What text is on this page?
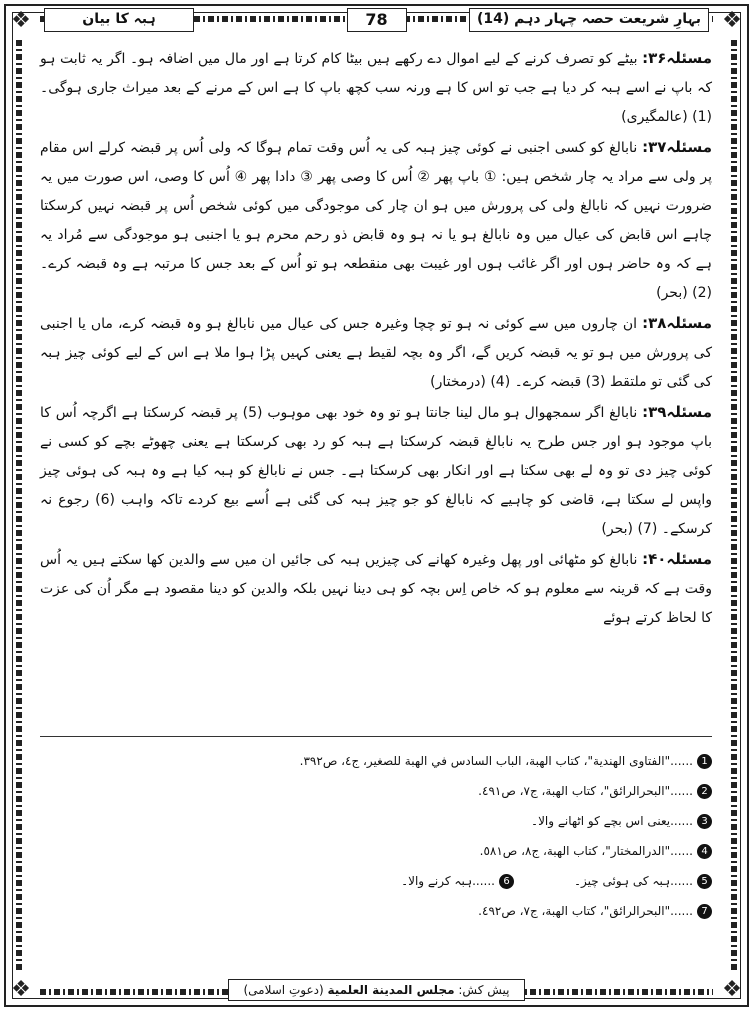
❖	❖
❖	❖
بہارِ شریعت حصہ چہار دہم (14)
78
ہبہ کا بیان

مسئلہ۳۶: بیٹے کو تصرف کرنے کے لیے اموال دے رکھے ہیں بیٹا کام کرتا ہے اور مال میں اضافہ ہو۔ اگر یہ ثابت ہو کہ باپ نے اسے ہبہ کر دیا ہے جب تو اس کا ہے ورنہ سب کچھ باپ کا ہے اس کے مرنے کے بعد میراث جاری ہوگی۔ (1) (عالمگیری)

مسئلہ۳۷: نابالغ کو کسی اجنبی نے کوئی چیز ہبہ کی یہ اُس وقت تمام ہوگا کہ ولی اُس پر قبضہ کرلے اس مقام پر ولی سے مراد یہ چار شخص ہیں: ① باپ پھر ② اُس کا وصی پھر ③ دادا پھر ④ اُس کا وصی، اس صورت میں یہ ضرورت نہیں کہ نابالغ ولی کی پرورش میں ہو ان چار کی موجودگی میں کوئی شخص اُس پر قبضہ نہیں کرسکتا چاہے اس قابض کی عیال میں وہ نابالغ ہو یا نہ ہو وہ قابض ذو رحم محرم ہو یا اجنبی ہو موجودگی سے مُراد یہ ہے کہ وہ حاضر ہوں اور اگر غائب ہوں اور غیبت بھی منقطعہ ہو تو اُس کے بعد جس کا مرتبہ ہے وہ قبضہ کرے۔ (2) (بحر)

مسئلہ۳۸: ان چاروں میں سے کوئی نہ ہو تو چچا وغیرہ جس کی عیال میں نابالغ ہو وہ قبضہ کرے، ماں یا اجنبی کی پرورش میں ہو تو یہ قبضہ کریں گے، اگر وہ بچہ لقیط ہے یعنی کہیں پڑا ہوا ملا ہے اس کے لیے کوئی چیز ہبہ کی گئی تو ملتقط (3) قبضہ کرے۔ (4) (درمختار)

مسئلہ۳۹: نابالغ اگر سمجھوال ہو مال لینا جانتا ہو تو وہ خود بھی موہوب (5) پر قبضہ کرسکتا ہے اگرچہ اُس کا باپ موجود ہو اور جس طرح یہ نابالغ قبضہ کرسکتا ہے ہبہ کو رد بھی کرسکتا ہے یعنی چھوٹے بچے کو کسی نے کوئی چیز دی تو وہ لے بھی سکتا ہے اور انکار بھی کرسکتا ہے۔ جس نے نابالغ کو ہبہ کیا ہے وہ ہبہ کی ہوئی چیز واپس لے سکتا ہے، قاضی کو چاہیے کہ نابالغ کو جو چیز ہبہ کی گئی ہے اُسے بیع کردے تاکہ واہب (6) رجوع نہ کرسکے۔ (7) (بحر)

مسئلہ۴۰: نابالغ کو مٹھائی اور پھل وغیرہ کھانے کی چیزیں ہبہ کی جائیں ان میں سے والدین کھا سکتے ہیں یہ اُس وقت ہے کہ قرینہ سے معلوم ہو کہ خاص اِس بچہ کو ہی دینا نہیں بلکہ والدین کو دینا مقصود ہے مگر اُن کی عزت کا لحاظ کرتے ہوئے

1......"الفتاوى الهندية"، كتاب الهبة، الباب السادس في الهبة للصغير، ج٤، ص٣٩٢.
2......"البحرالرائق"، كتاب الهبة، ج٧، ص٤٩١.
3......یعنی اس بچے کو اٹھانے والا۔
4......"الدرالمختار"، كتاب الهبة، ج٨، ص٥٨١.
5......ہبہ کی ہوئی چیز۔6......ہبہ کرنے والا۔
7......"البحرالرائق"، كتاب الهبة، ج٧، ص٤٩٢.
پیش کش: مجلس المدينة العلمية (دعوتِ اسلامی)
